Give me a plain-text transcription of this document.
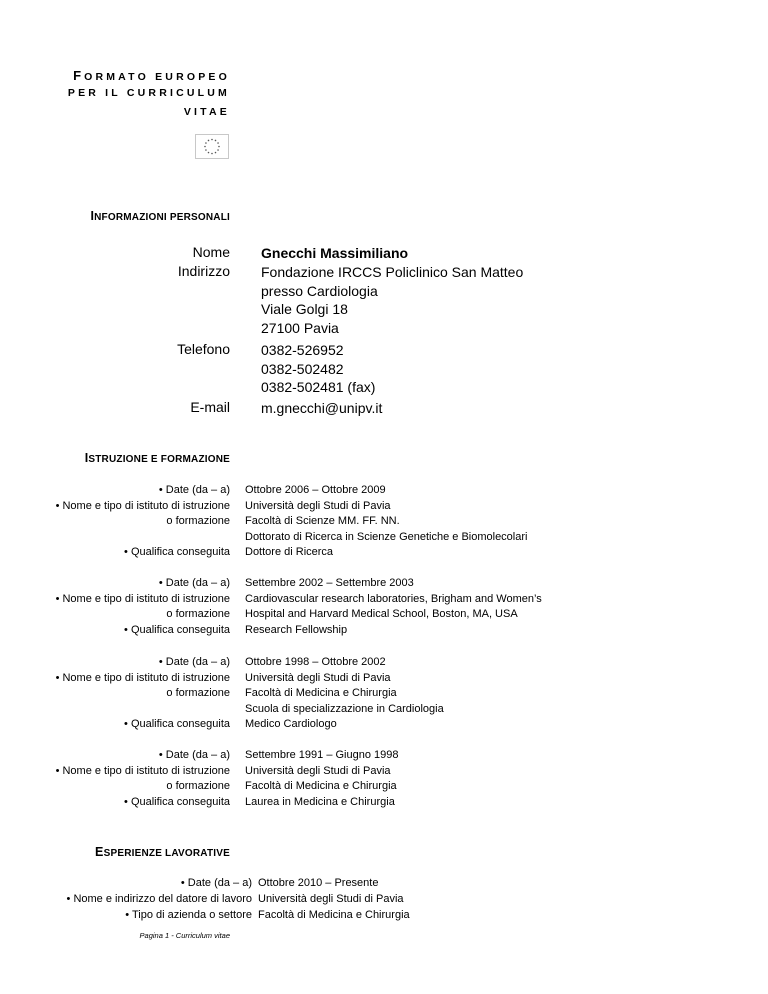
FORMATO EUROPEO
PER IL CURRICULUM
VITAE
INFORMAZIONI PERSONALI
Nome Gnecchi Massimiliano
Indirizzo Fondazione IRCCS Policlinico San Matteo
presso Cardiologia
Viale Golgi 18
27100 Pavia
Telefono 0382-526952
0382-502482
0382-502481 (fax)
E-mail m.gnecchi@unipv.it
ISTRUZIONE E FORMAZIONE
• Date (da – a)
• Nome e tipo di istituto di istruzione
o formazione
• Qualifica conseguita
Ottobre 2006 – Ottobre 2009
Università degli Studi di Pavia
Facoltà di Scienze MM. FF. NN.
Dottorato di Ricerca in Scienze Genetiche e Biomolecolari
Dottore di Ricerca
• Date (da – a)
• Nome e tipo di istituto di istruzione
o formazione
• Qualifica conseguita
Settembre 2002 – Settembre 2003
Cardiovascular research laboratories, Brigham and Women’s
Hospital and Harvard Medical School, Boston, MA, USA
Research Fellowship
• Date (da – a)
• Nome e tipo di istituto di istruzione
o formazione
• Qualifica conseguita
Ottobre 1998 – Ottobre 2002
Università degli Studi di Pavia
Facoltà di Medicina e Chirurgia
Scuola di specializzazione in Cardiologia
Medico Cardiologo
• Date (da – a)
• Nome e tipo di istituto di istruzione
o formazione
• Qualifica conseguita
Settembre 1991 – Giugno 1998
Università degli Studi di Pavia
Facoltà di Medicina e Chirurgia
Laurea in Medicina e Chirurgia
ESPERIENZE LAVORATIVE
• Date (da – a)
• Nome e indirizzo del datore di lavoro
• Tipo di azienda o settore
Ottobre 2010 – Presente
Università degli Studi di Pavia
Facoltà di Medicina e Chirurgia
Pagina 1 - Curriculum vitae
